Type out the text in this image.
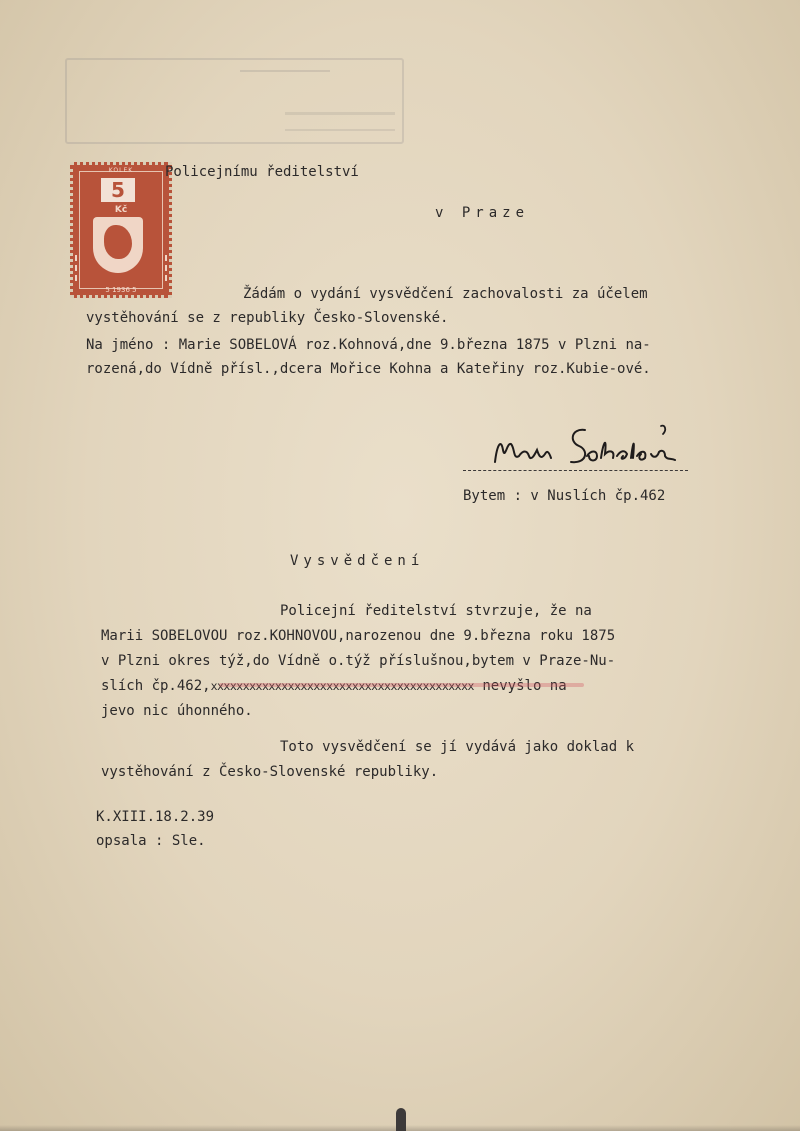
KOLEK
5
Kč
5 1936 5
Policejnímu ředitelství
v Praze
Žádám o vydání vysvědčení zachovalosti za účelem
vystěhování se z republiky Česko-Slovenské.
Na jméno : Marie SOBELOVÁ roz.Kohnová,dne 9.března 1875 v Plzni na-
rozená,do Vídně přísl.,dcera Mořice Kohna a Kateřiny roz.Kubie-ové.
Bytem : v Nuslích čp.462
Vysvědčení
Policejní ředitelství stvrzuje, že na
Marii SOBELOVOU roz.KOHNOVOU,narozenou dne 9.března roku 1875
v Plzni okres týž,do Vídně o.týž příslušnou,bytem v Praze-Nu-
slích čp.462,xxxxxxxxxxxxxxxxxxxxxxxxxxxxxxxxxxxxxxxxx nevyšlo na
jevo nic úhonného.
Toto vysvědčení se jí vydává jako doklad k
vystěhování z Česko-Slovenské republiky.
K.XIII.18.2.39
opsala : Sle.
